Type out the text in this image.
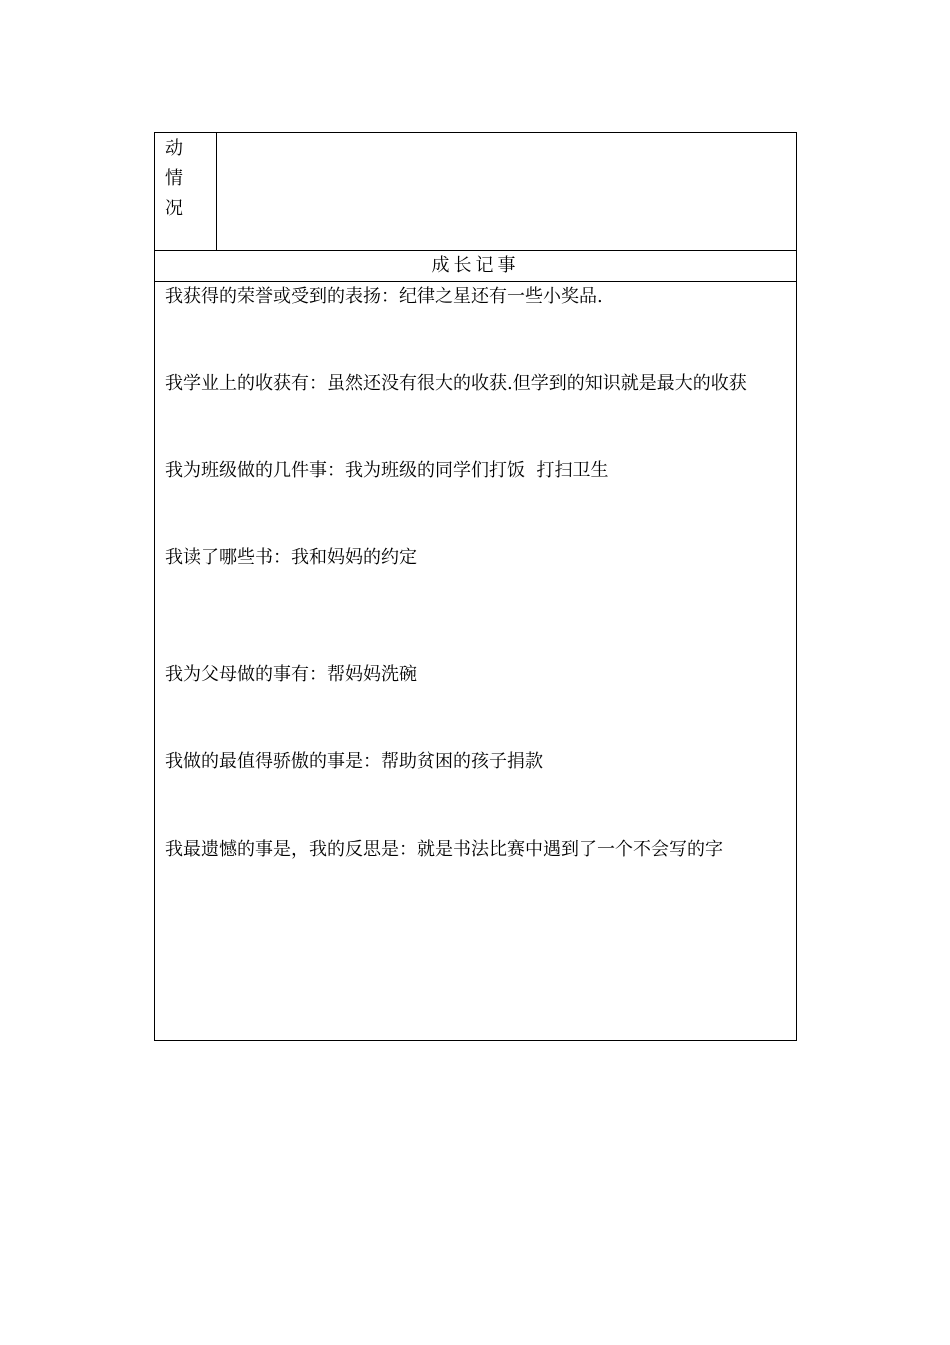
动
情
况
成长记事
我获得的荣誉或受到的表扬：纪律之星还有一些小奖品.
我学业上的收获有：虽然还没有很大的收获.但学到的知识就是最大的收获
我为班级做的几件事：我为班级的同学们打饭  打扫卫生
我读了哪些书：我和妈妈的约定
我为父母做的事有：帮妈妈洗碗
我做的最值得骄傲的事是：帮助贫困的孩子捐款
我最遗憾的事是，我的反思是：就是书法比赛中遇到了一个不会写的字
